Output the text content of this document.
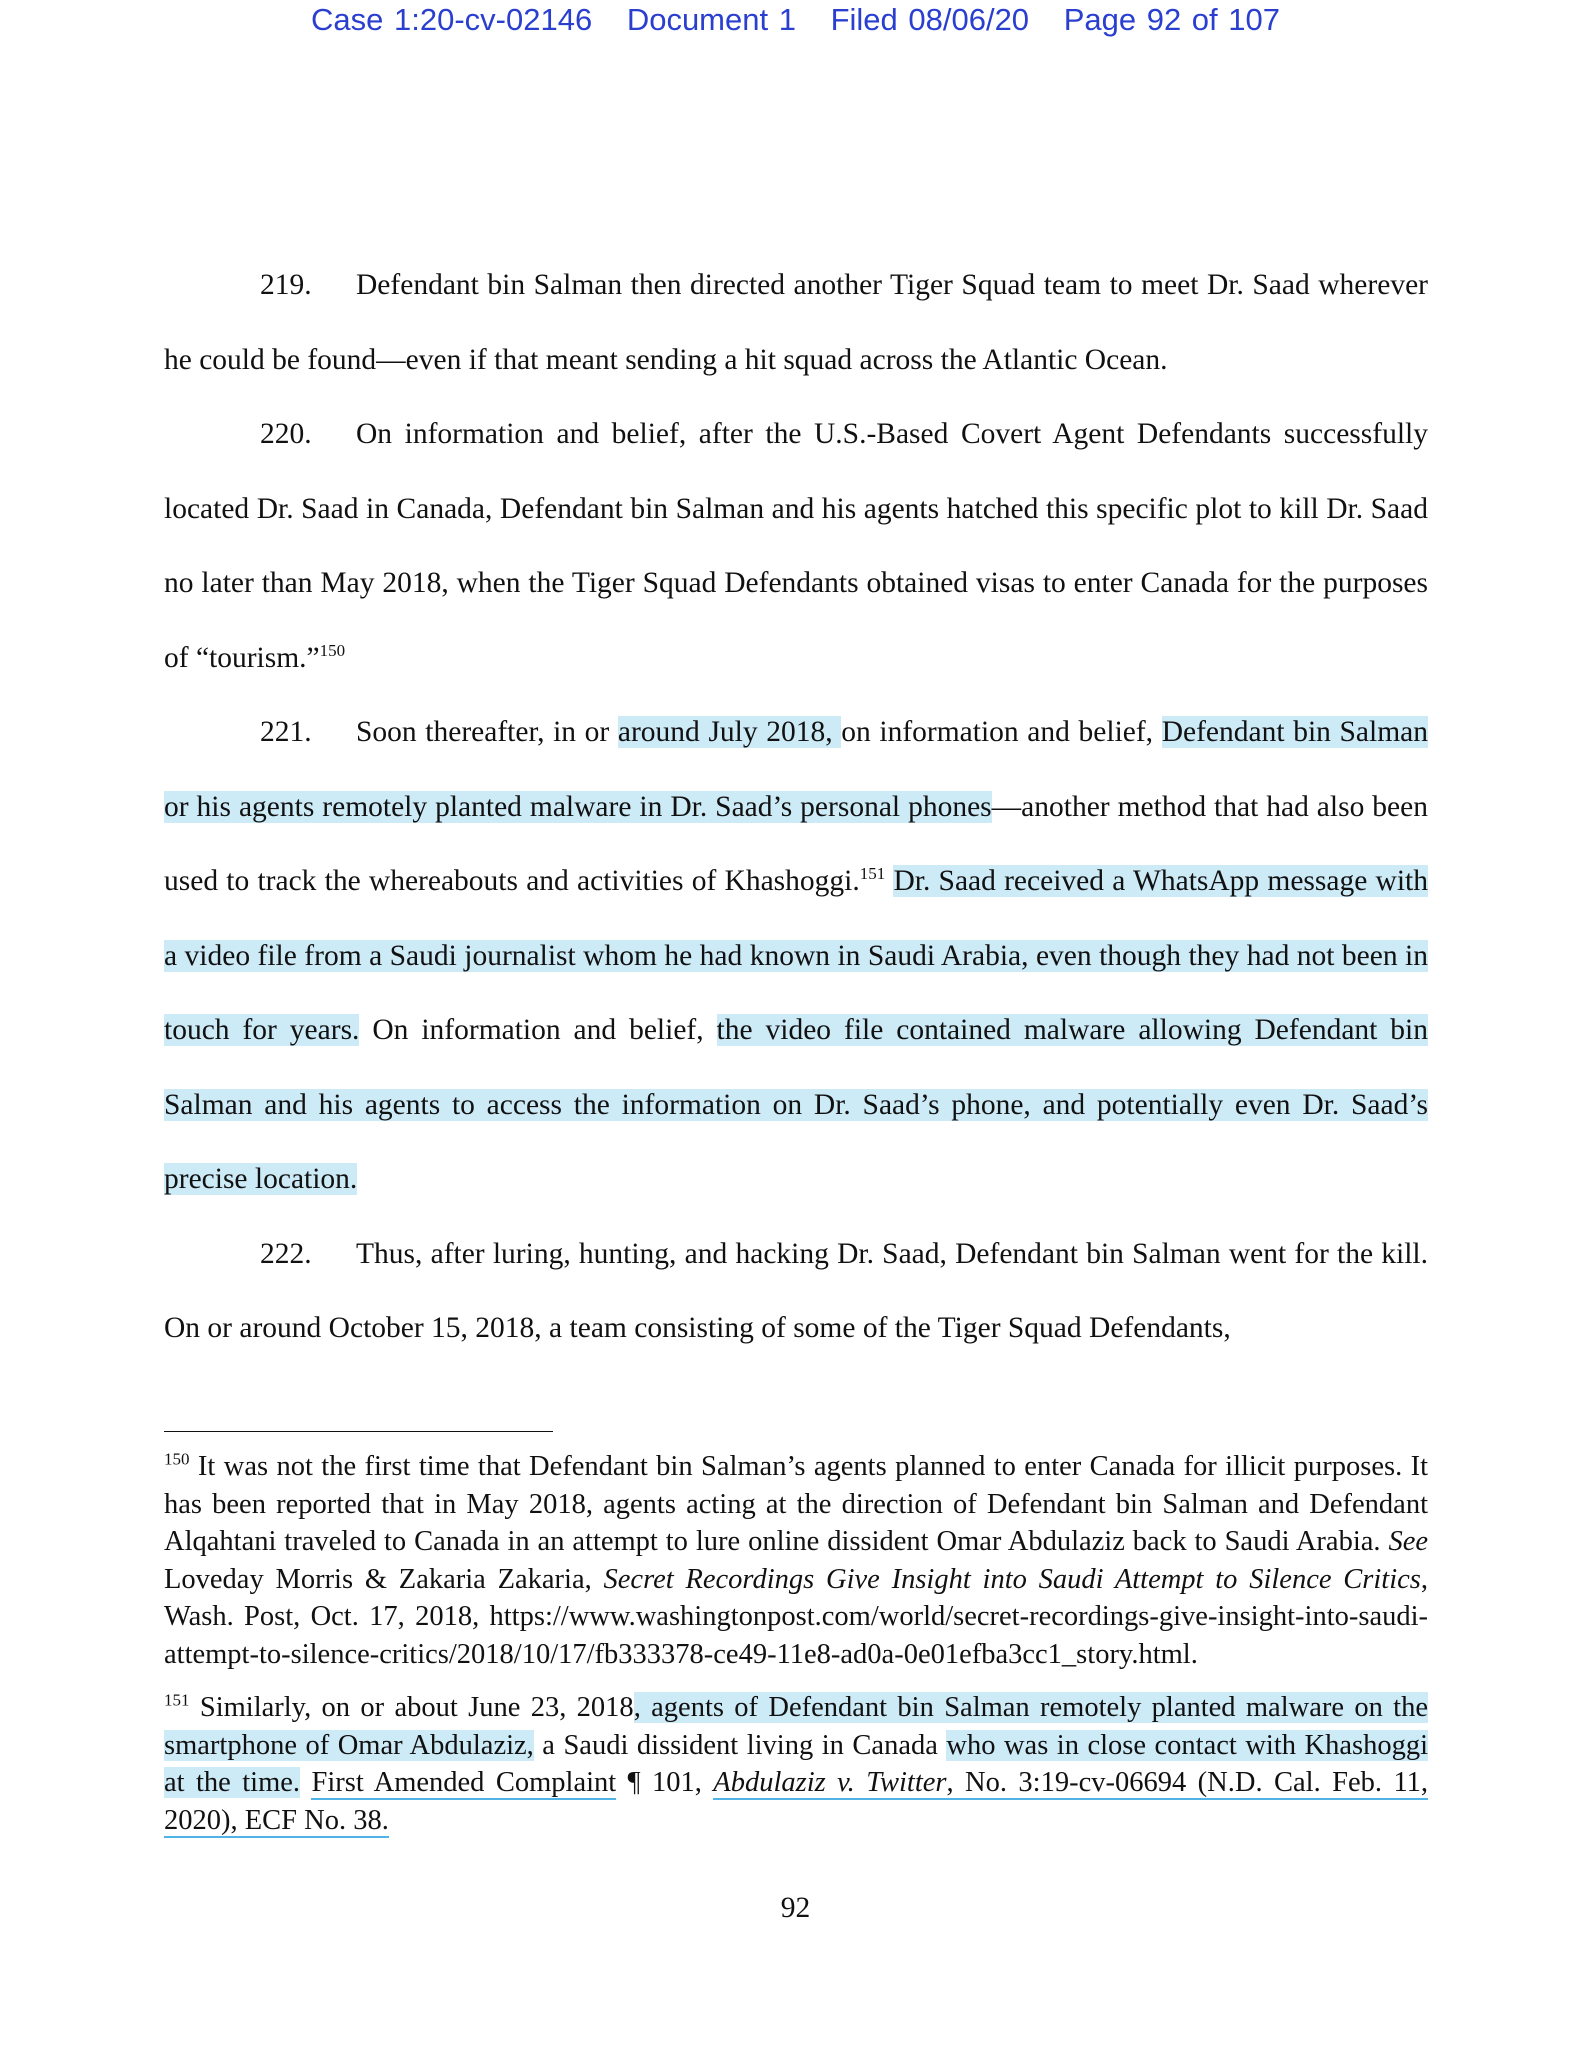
Case 1:20-cv-02146 Document 1 Filed 08/06/20 Page 92 of 107

219. Defendant bin Salman then directed another Tiger Squad team to meet Dr. Saad wherever he could be found—even if that meant sending a hit squad across the Atlantic Ocean.

220. On information and belief, after the U.S.-Based Covert Agent Defendants successfully located Dr. Saad in Canada, Defendant bin Salman and his agents hatched this specific plot to kill Dr. Saad no later than May 2018, when the Tiger Squad Defendants obtained visas to enter Canada for the purposes of “tourism.”$^{150}$

221. Soon thereafter, in or around July 2018, on information and belief, Defendant bin Salman or his agents remotely planted malware in Dr. Saad’s personal phones—another method that had also been used to track the whereabouts and activities of Khashoggi.$^{151}$ Dr. Saad received a WhatsApp message with a video file from a Saudi journalist whom he had known in Saudi Arabia, even though they had not been in touch for years. On information and belief, the video file contained malware allowing Defendant bin Salman and his agents to access the information on Dr. Saad’s phone, and potentially even Dr. Saad’s precise location.

222. Thus, after luring, hunting, and hacking Dr. Saad, Defendant bin Salman went for the kill. On or around October 15, 2018, a team consisting of some of the Tiger Squad Defendants,

$^{150}$ It was not the first time that Defendant bin Salman’s agents planned to enter Canada for illicit purposes. It has been reported that in May 2018, agents acting at the direction of Defendant bin Salman and Defendant Alqahtani traveled to Canada in an attempt to lure online dissident Omar Abdulaziz back to Saudi Arabia. See Loveday Morris & Zakaria Zakaria, Secret Recordings Give Insight into Saudi Attempt to Silence Critics, Wash. Post, Oct. 17, 2018, https://www.washingtonpost.com/world/secret-recordings-give-insight-into-saudi-attempt-to-silence-critics/2018/10/17/fb333378-ce49-11e8-ad0a-0e01efba3cc1_story.html.

$^{151}$ Similarly, on or about June 23, 2018, agents of Defendant bin Salman remotely planted malware on the smartphone of Omar Abdulaziz, a Saudi dissident living in Canada who was in close contact with Khashoggi at the time. First Amended Complaint ¶ 101, Abdulaziz v. Twitter, No. 3:19-cv-06694 (N.D. Cal. Feb. 11, 2020), ECF No. 38.

92
